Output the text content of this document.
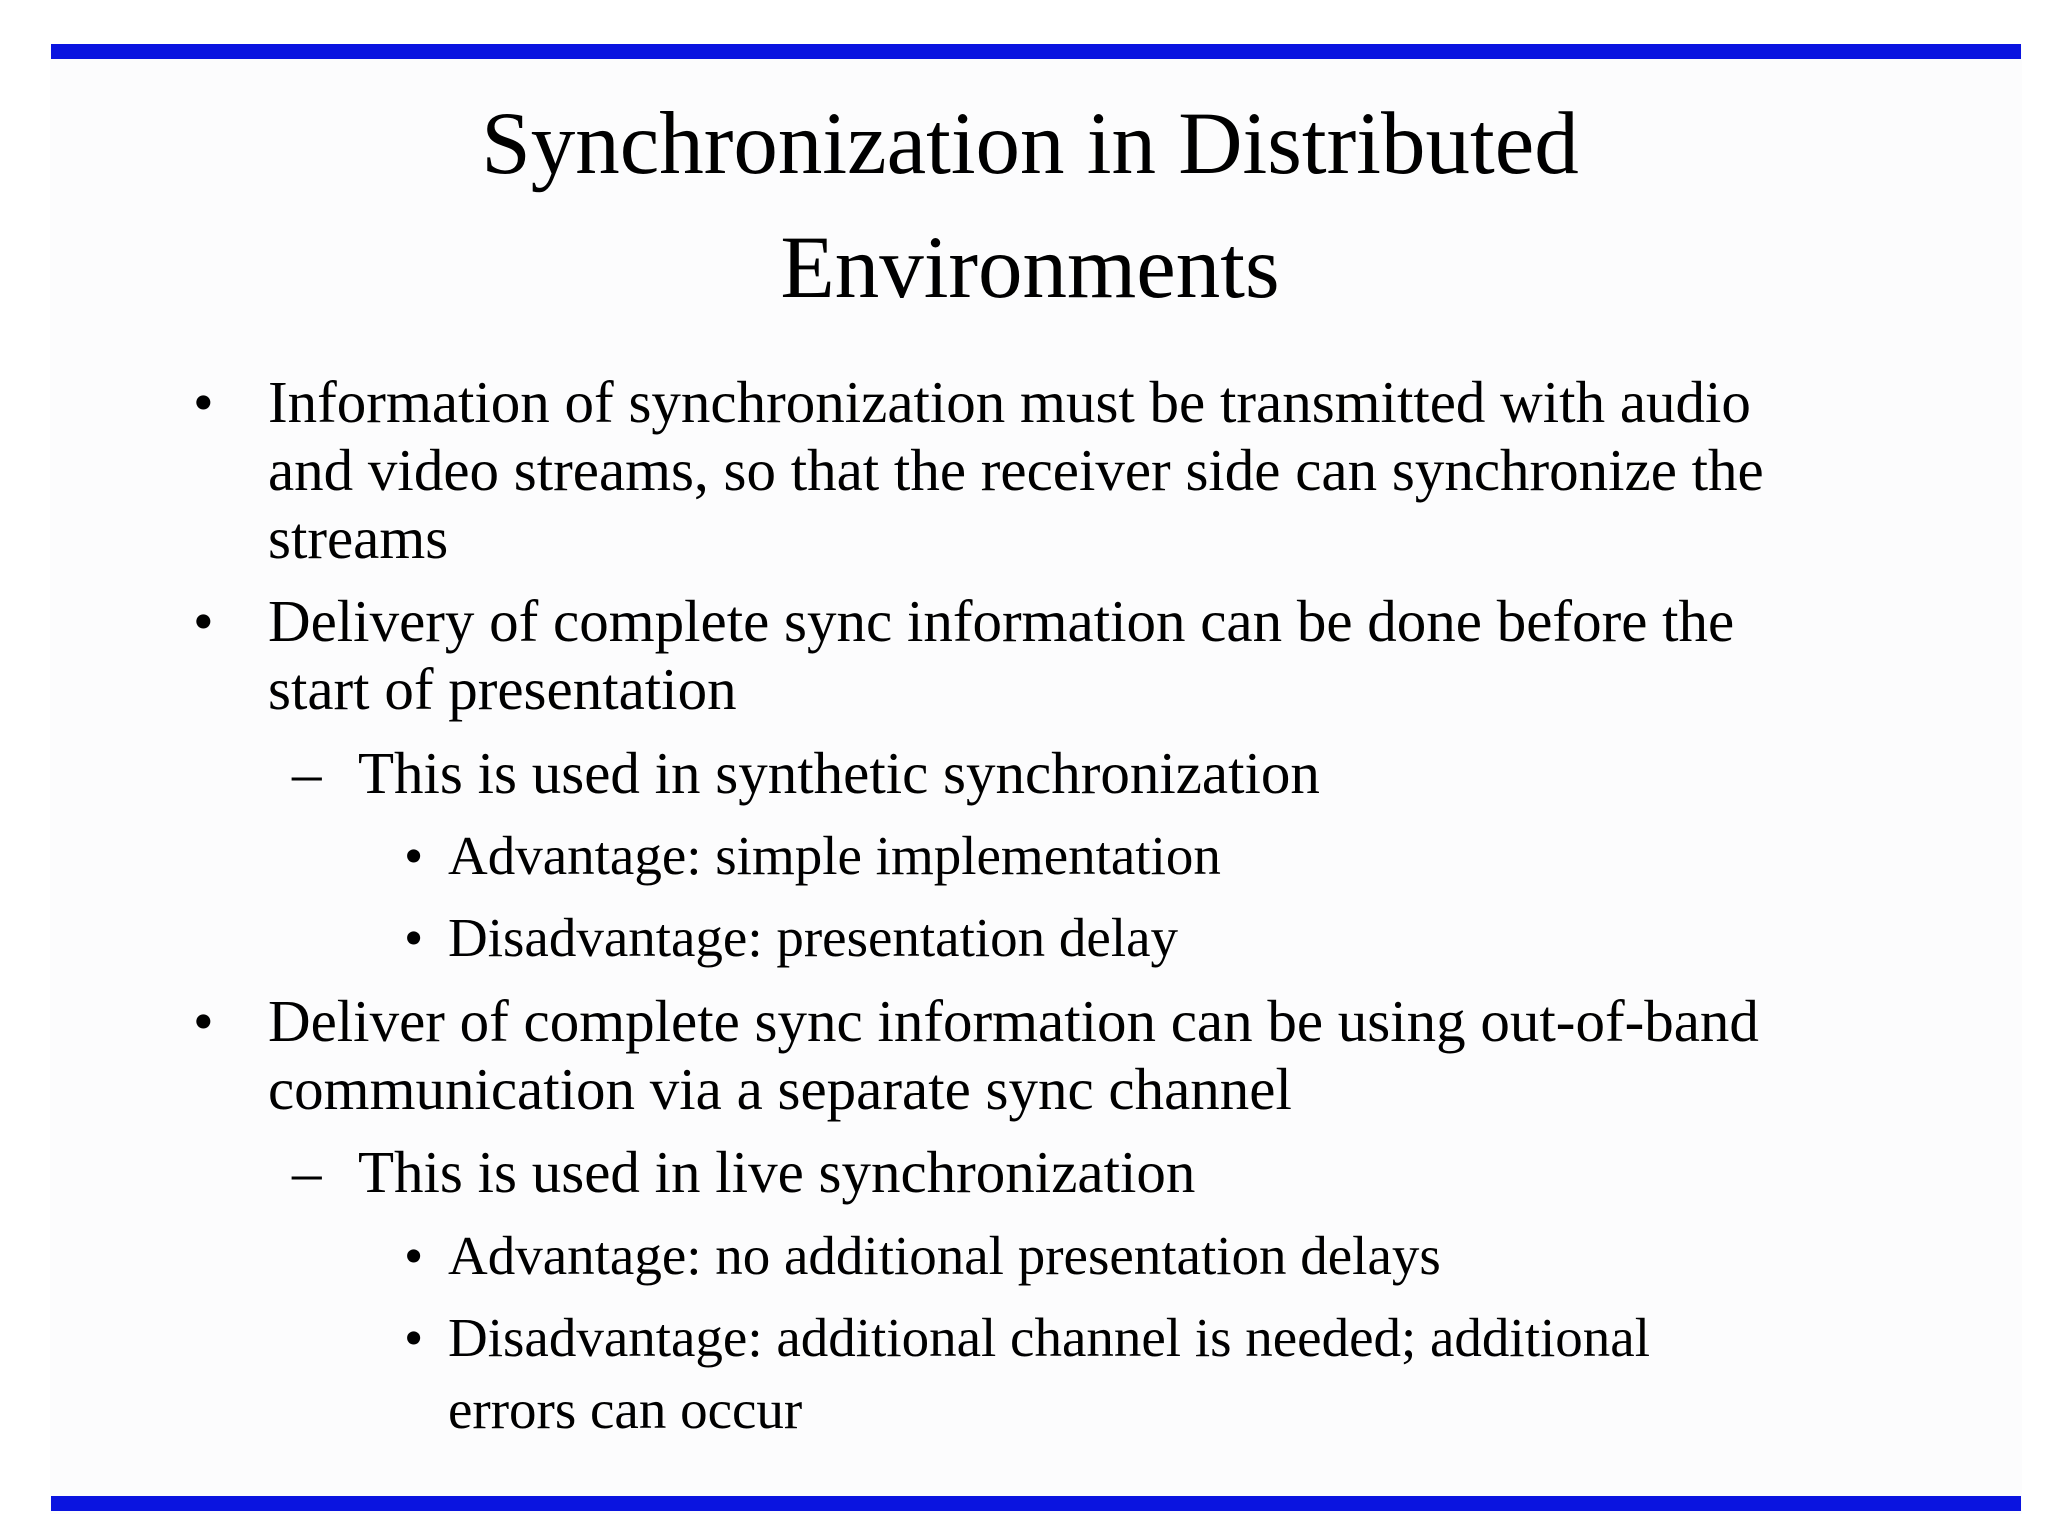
Synchronization in Distributed
Environments
• Information of synchronization must be transmitted with audio
and video streams, so that the receiver side can synchronize the
streams
• Delivery of complete sync information can be done before the
start of presentation
– This is used in synthetic synchronization
• Advantage: simple implementation
• Disadvantage: presentation delay
• Deliver of complete sync information can be using out-of-band
communication via a separate sync channel
– This is used in live synchronization
• Advantage: no additional presentation delays
• Disadvantage: additional channel is needed; additional
errors can occur
